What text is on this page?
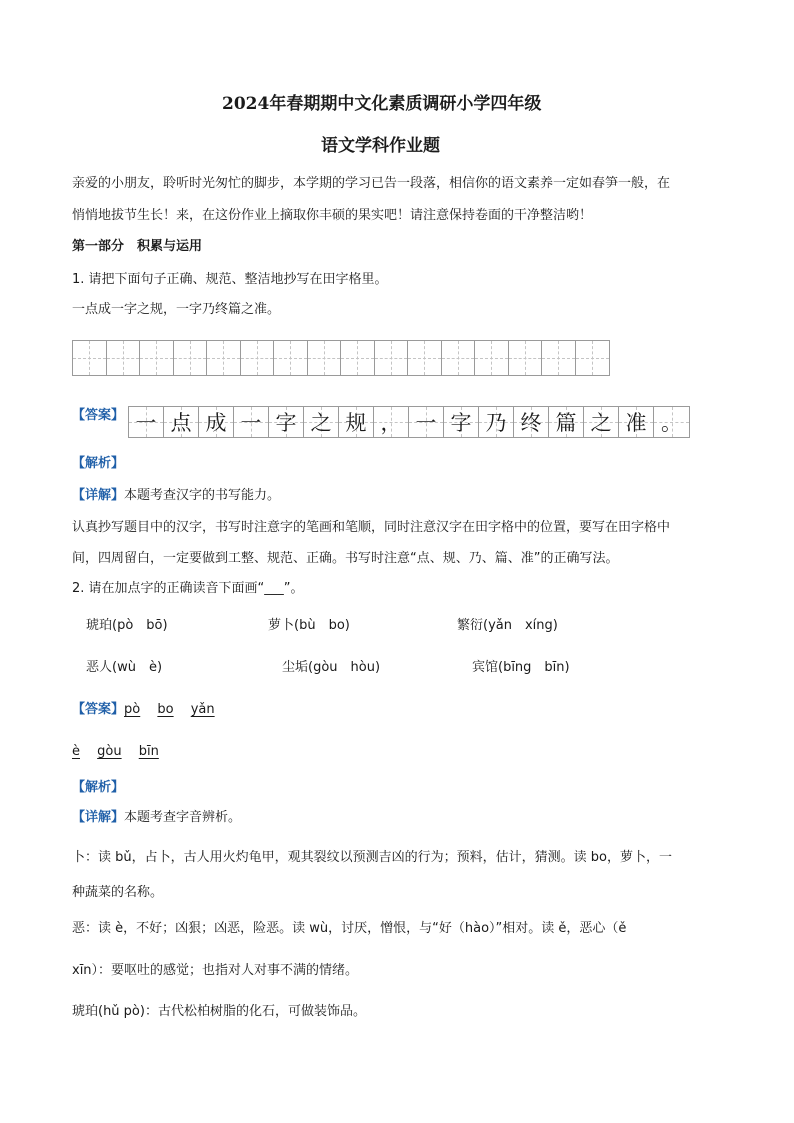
2024年春期期中文化素质调研小学四年级
语文学科作业题
亲爱的小朋友，聆听时光匆忙的脚步，本学期的学习已告一段落，相信你的语文素养一定如春笋一般，在
悄悄地拔节生长！来，在这份作业上摘取你丰硕的果实吧！请注意保持卷面的干净整洁哟！
第一部分　积累与运用
1. 请把下面句子正确、规范、整洁地抄写在田字格里。
一点成一字之规，一字乃终篇之准。
【答案】 一 点 成 一 字 之 规 ， 一 字 乃 终 篇 之 准 。
【解析】
【详解】本题考查汉字的书写能力。
认真抄写题目中的汉字，书写时注意字的笔画和笔顺，同时注意汉字在田字格中的位置，要写在田字格中
间，四周留白，一定要做到工整、规范、正确。书写时注意“点、规、乃、篇、准”的正确写法。
2. 请在加点字的正确读音下面画“___”。
琥珀(pò　bō)	萝卜(bù　bo)	繁衍(yǎn　xíng)
恶人(wù　è)	尘垢(gòu　hòu)	宾馆(bīng　bīn)
【答案】pò　 bo　 yǎn
è　 gòu　 bīn
【解析】
【详解】本题考查字音辨析。
卜：读 bǔ，占卜，古人用火灼龟甲，观其裂纹以预测吉凶的行为；预料，估计，猜测。读 bo，萝卜，一
种蔬菜的名称。
恶：读 è，不好；凶狠；凶恶，险恶。读 wù，讨厌，憎恨，与“好（hào）”相对。读 ě，恶心（ě
xīn）：要呕吐的感觉；也指对人对事不满的情绪。
琥珀(hǔ pò)：古代松柏树脂的化石，可做装饰品。
